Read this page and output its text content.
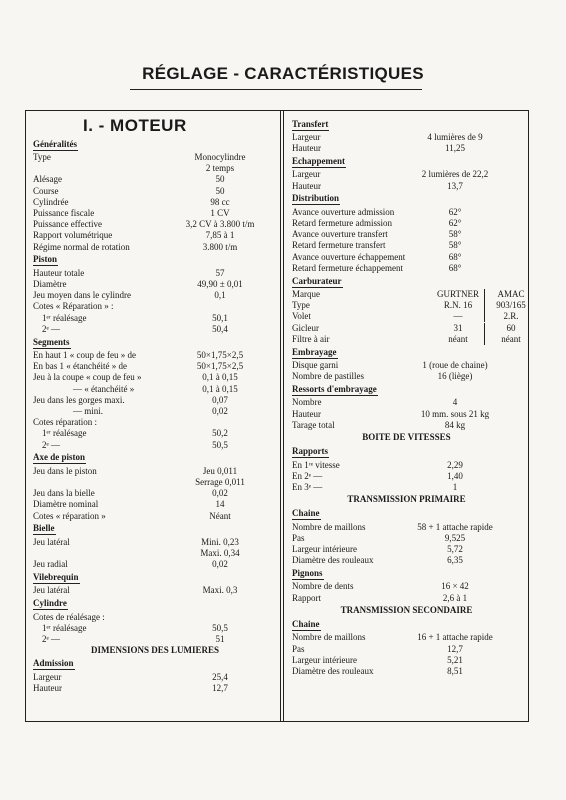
RÉGLAGE - CARACTÉRISTIQUES
I. - MOTEUR
Généralités
Type	Monocylindre
2 temps
Alésage	50
Course	50
Cylindrée	98 cc
Puissance fiscale	1 CV
Puissance effective	3,2 CV à 3.800 t/m
Rapport volumétrique	7,85 à 1
Régime normal de rotation	3.800 t/m
Piston
Hauteur totale	57
Diamètre	49,90 ± 0,01
Jeu moyen dans le cylindre	0,1
Cotes « Réparation » :
1ᵉʳ réalésage	50,1
2ᵉ —	50,4
Segments
En haut 1 « coup de feu » de	50×1,75×2,5
En bas 1 « étanchéité » de	50×1,75×2,5
Jeu à la coupe « coup de feu »	0,1 à 0,15
— « étanchéité »	0,1 à 0,15
Jeu dans les gorges maxi.	0,07
— mini.	0,02
Cotes réparation :
1ᵉʳ réalésage	50,2
2ᵉ —	50,5
Axe de piston
Jeu dans le piston	Jeu 0,011
Serrage 0,011
Jeu dans la bielle	0,02
Diamètre nominal	14
Cotes « réparation »	Néant
Bielle
Jeu latéral	Mini. 0,23
Maxi. 0,34
Jeu radial	0,02
Vilebrequin
Jeu latéral	Maxi. 0,3
Cylindre
Cotes de réalésage :
1ᵉʳ réalésage	50,5
2ᵉ —	51
DIMENSIONS DES LUMIERES
Admission
Largeur	25,4
Hauteur	12,7
Transfert
Largeur	4 lumières de 9
Hauteur	11,25
Echappement
Largeur	2 lumières de 22,2
Hauteur	13,7
Distribution
Avance ouverture admission	62°
Retard fermeture admission	62°
Avance ouverture transfert	58°
Retard fermeture transfert	58°
Avance ouverture échappement	68°
Retard fermeture échappement	68°
Carburateur
Marque	GURTNER	AMAC
Type	R.N. 16	903/165
Volet	—	2.R.
Gicleur	31	60
Filtre à air	néant	néant
Embrayage
Disque garni	1 (roue de chaine)
Nombre de pastilles	16 (liège)
Ressorts d'embrayage
Nombre	4
Hauteur	10 mm. sous 21 kg
Tarage total	84 kg
BOITE DE VITESSES
Rapports
En 1ʳᵉ vitesse	2,29
En 2ᵉ —	1,40
En 3ᵉ —	1
TRANSMISSION PRIMAIRE
Chaine
Nombre de maillons	58 + 1 attache rapide
Pas	9,525
Largeur intérieure	5,72
Diamètre des rouleaux	6,35
Pignons
Nombre de dents	16 × 42
Rapport	2,6 à 1
TRANSMISSION SECONDAIRE
Chaine
Nombre de maillons	16 + 1 attache rapide
Pas	12,7
Largeur intérieure	5,21
Diamètre des rouleaux	8,51
